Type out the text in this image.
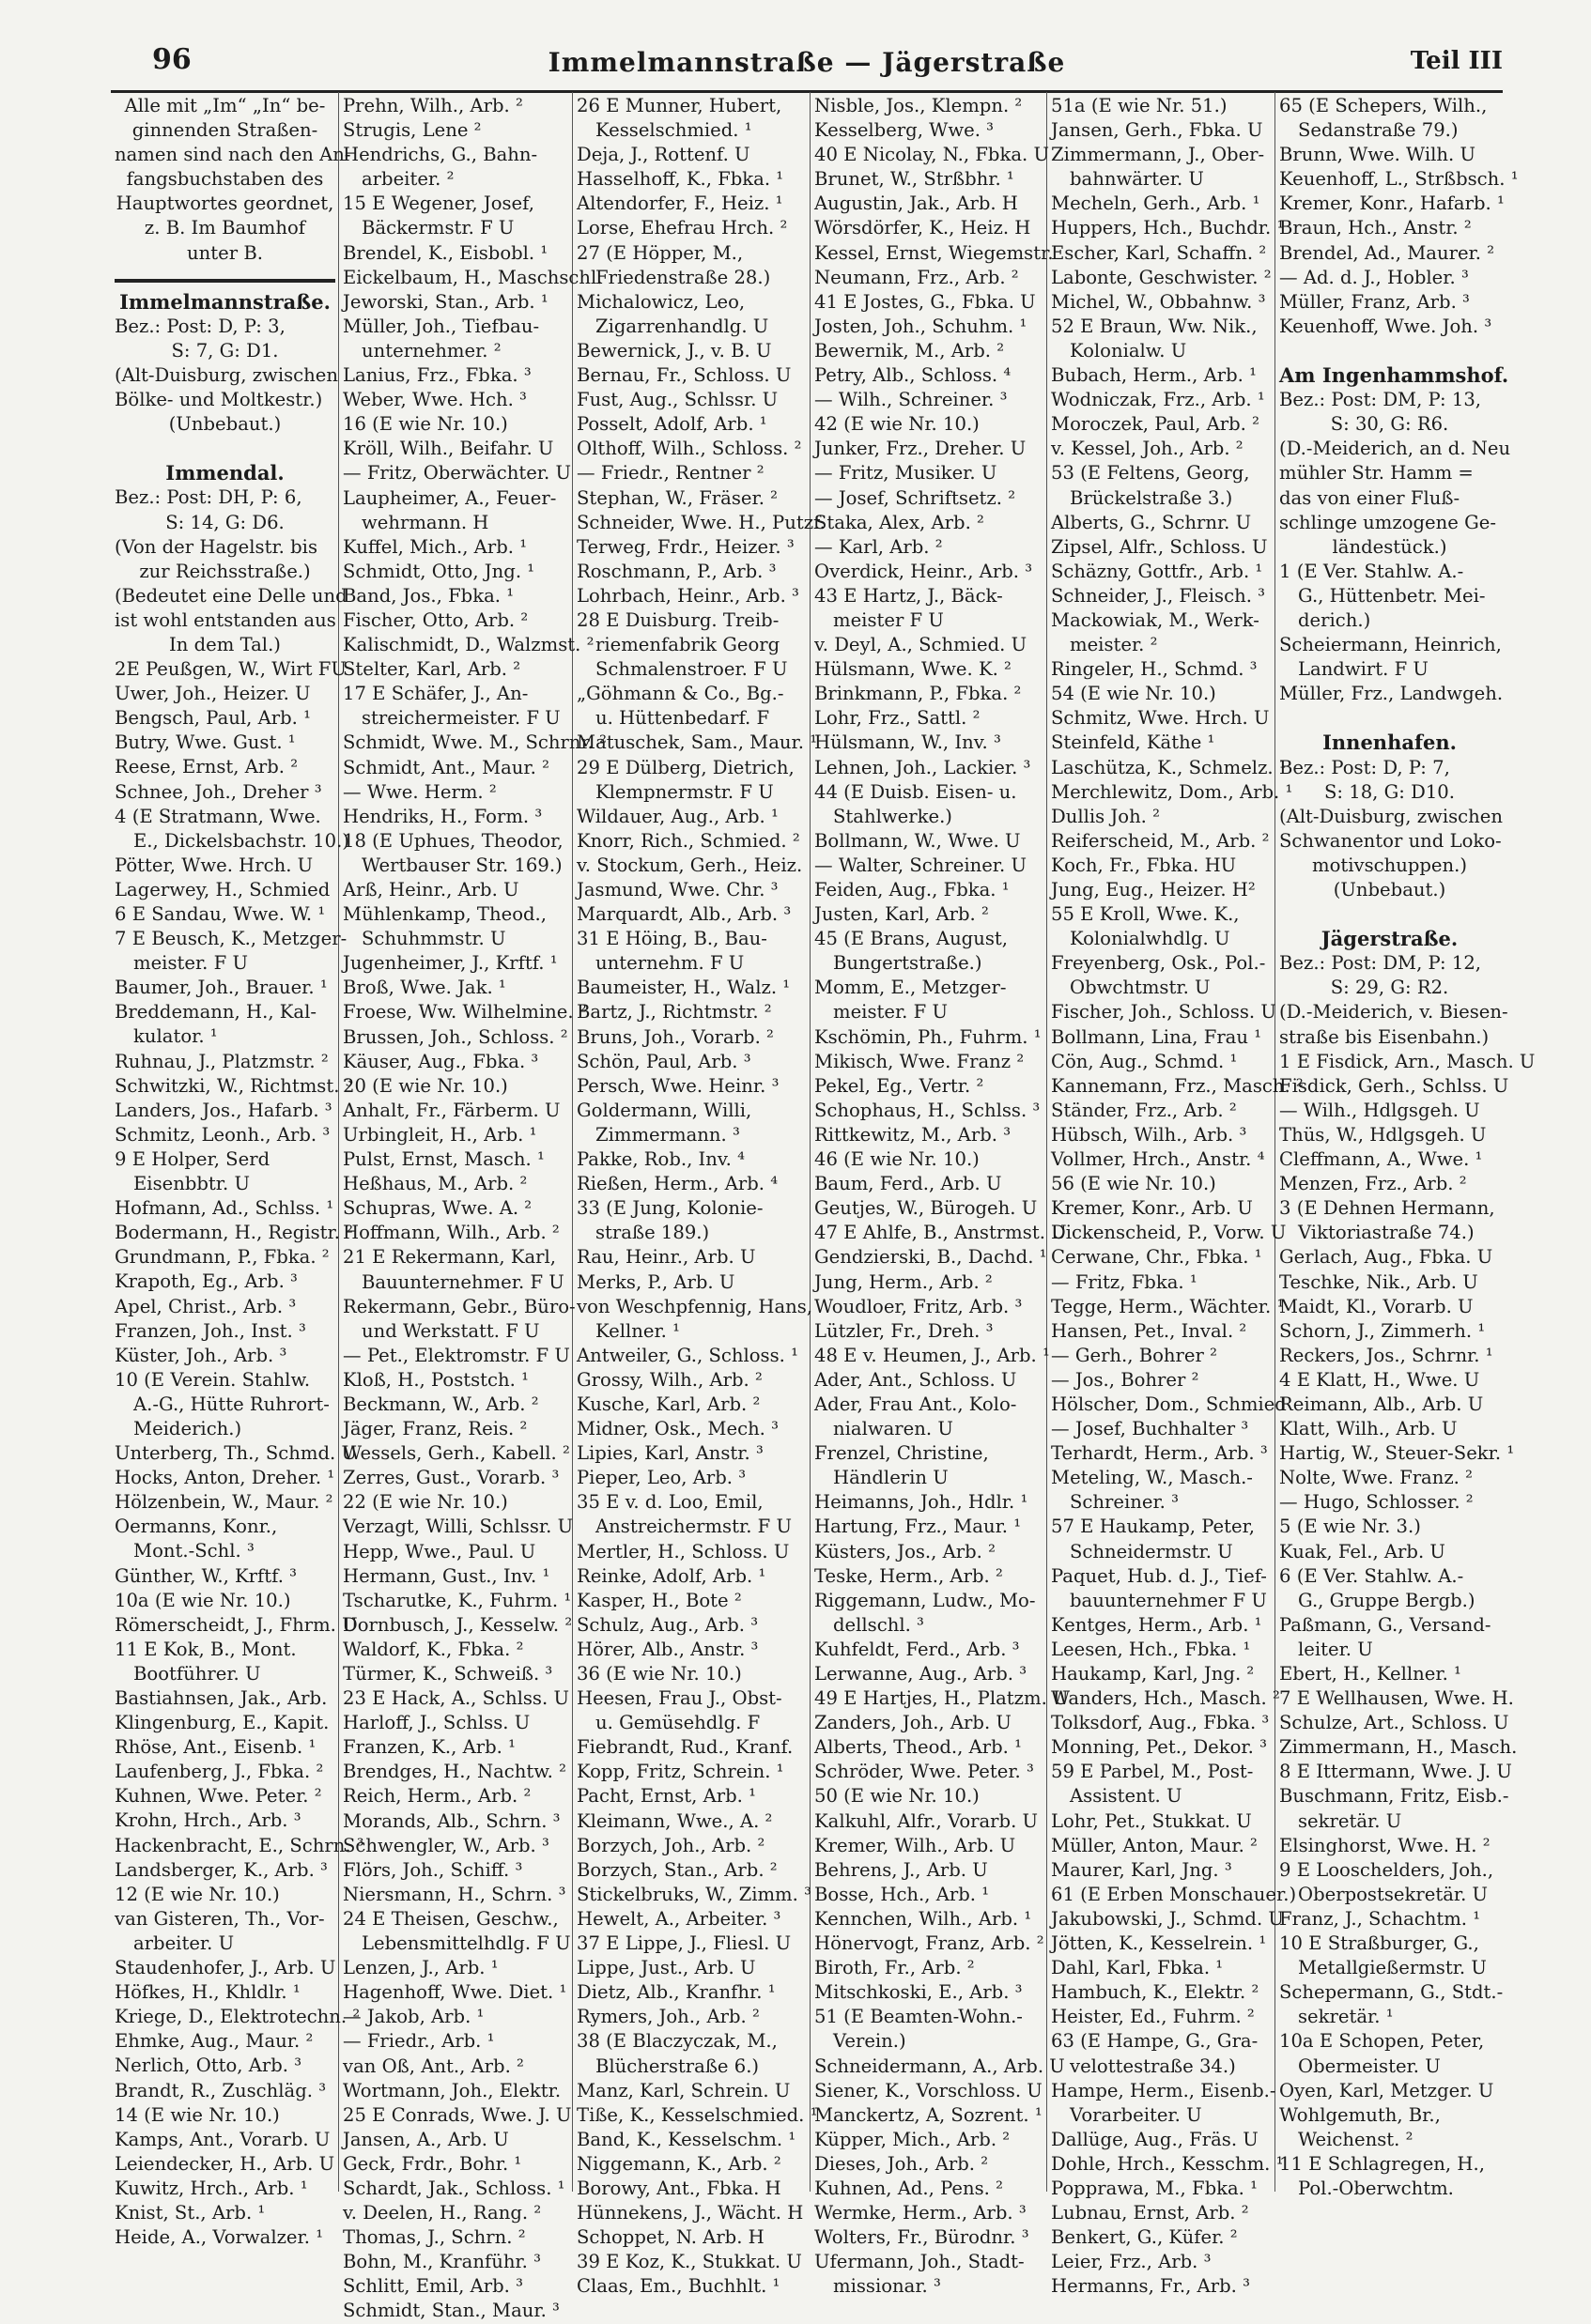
96	Immelmannstraße — Jägerstraße	Teil III
Alle mit „Im“ „In“ be-
ginnenden Straßen-
namen sind nach den An-
fangsbuchstaben des
Hauptwortes geordnet,
z. B. Im Baumhof
unter B.
Immelmannstraße.
Bez.: Post: D, P: 3,
S: 7, G: D1.
(Alt-Duisburg, zwischen
Bölke- und Moltkestr.)
(Unbebaut.)
Immendal.
Bez.: Post: DH, P: 6,
S: 14, G: D6.
(Von der Hagelstr. bis
zur Reichsstraße.)
(Bedeutet eine Delle und
ist wohl entstanden aus
In dem Tal.)
2E Peußgen, W., Wirt FU
Uwer, Joh., Heizer. U
Bengsch, Paul, Arb. ¹
Butry, Wwe. Gust. ¹
Reese, Ernst, Arb. ²
Schnee, Joh., Dreher ³
4 (E Stratmann, Wwe.
E., Dickelsbachstr. 10.)
Pötter, Wwe. Hrch. U
Lagerwey, H., Schmied
6 E Sandau, Wwe. W. ¹
7 E Beusch, K., Metzger-
meister. F U
Baumer, Joh., Brauer. ¹
Breddemann, H., Kal-
kulator. ¹
Ruhnau, J., Platzmstr. ²
Schwitzki, W., Richtmst. ³
Landers, Jos., Hafarb. ³
Schmitz, Leonh., Arb. ³
9 E Holper, Serd
Eisenbbtr. U
Hofmann, Ad., Schlss. ¹
Bodermann, H., Registr. ²
Grundmann, P., Fbka. ²
Krapoth, Eg., Arb. ³
Apel, Christ., Arb. ³
Franzen, Joh., Inst. ³
Küster, Joh., Arb. ³
10 (E Verein. Stahlw.
A.-G., Hütte Ruhrort-
Meiderich.)
Unterberg, Th., Schmd. U
Hocks, Anton, Dreher. ¹
Hölzenbein, W., Maur. ²
Oermanns, Konr.,
Mont.-Schl. ³
Günther, W., Krftf. ³
10a (E wie Nr. 10.)
Römerscheidt, J., Fhrm. U
11 E Kok, B., Mont.
Bootführer. U
Bastiahnsen, Jak., Arb.
Klingenburg, E., Kapit.
Rhöse, Ant., Eisenb. ¹
Laufenberg, J., Fbka. ²
Kuhnen, Wwe. Peter. ²
Krohn, Hrch., Arb. ³
Hackenbracht, E., Schrn. ³
Landsberger, K., Arb. ³
12 (E wie Nr. 10.)
van Gisteren, Th., Vor-
arbeiter. U
Staudenhofer, J., Arb. U
Höfkes, H., Khldlr. ¹
Kriege, D., Elektrotechn. ²
Ehmke, Aug., Maur. ²
Nerlich, Otto, Arb. ³
Brandt, R., Zuschläg. ³
14 (E wie Nr. 10.)
Kamps, Ant., Vorarb. U
Leiendecker, H., Arb. U
Kuwitz, Hrch., Arb. ¹
Knist, St., Arb. ¹
Heide, A., Vorwalzer. ¹
Prehn, Wilh., Arb. ²
Strugis, Lene ²
Hendrichs, G., Bahn-
arbeiter. ²
15 E Wegener, Josef,
Bäckermstr. F U
Brendel, K., Eisbobl. ¹
Eickelbaum, H., Maschschl.
Jeworski, Stan., Arb. ¹
Müller, Joh., Tiefbau-
unternehmer. ²
Lanius, Frz., Fbka. ³
Weber, Wwe. Hch. ³
16 (E wie Nr. 10.)
Kröll, Wilh., Beifahr. U
— Fritz, Oberwächter. U
Laupheimer, A., Feuer-
wehrmann. H
Kuffel, Mich., Arb. ¹
Schmidt, Otto, Jng. ¹
Band, Jos., Fbka. ¹
Fischer, Otto, Arb. ²
Kalischmidt, D., Walzmst. ²
Stelter, Karl, Arb. ²
17 E Schäfer, J., An-
streichermeister. F U
Schmidt, Wwe. M., Schrnr. ²
Schmidt, Ant., Maur. ²
— Wwe. Herm. ²
Hendriks, H., Form. ³
18 (E Uphues, Theodor,
Wertbauser Str. 169.)
Arß, Heinr., Arb. U
Mühlenkamp, Theod.,
Schuhmmstr. U
Jugenheimer, J., Krftf. ¹
Broß, Wwe. Jak. ¹
Froese, Ww. Wilhelmine. ²
Brussen, Joh., Schloss. ²
Käuser, Aug., Fbka. ³
20 (E wie Nr. 10.)
Anhalt, Fr., Färberm. U
Urbingleit, H., Arb. ¹
Pulst, Ernst, Masch. ¹
Heßhaus, M., Arb. ²
Schupras, Wwe. A. ²
Hoffmann, Wilh., Arb. ²
21 E Rekermann, Karl,
Bauunternehmer. F U
Rekermann, Gebr., Büro-
und Werkstatt. F U
— Pet., Elektromstr. F U
Kloß, H., Poststch. ¹
Beckmann, W., Arb. ²
Jäger, Franz, Reis. ²
Wessels, Gerh., Kabell. ²
Zerres, Gust., Vorarb. ³
22 (E wie Nr. 10.)
Verzagt, Willi, Schlssr. U
Hepp, Wwe., Paul. U
Hermann, Gust., Inv. ¹
Tscharutke, K., Fuhrm. ¹
Dornbusch, J., Kesselw. ²
Waldorf, K., Fbka. ²
Türmer, K., Schweiß. ³
23 E Hack, A., Schlss. U
Harloff, J., Schlss. U
Franzen, K., Arb. ¹
Brendges, H., Nachtw. ²
Reich, Herm., Arb. ²
Morands, Alb., Schrn. ³
Schwengler, W., Arb. ³
Flörs, Joh., Schiff. ³
Niersmann, H., Schrn. ³
24 E Theisen, Geschw.,
Lebensmittelhdlg. F U
Lenzen, J., Arb. ¹
Hagenhoff, Wwe. Diet. ¹
— Jakob, Arb. ¹
— Friedr., Arb. ¹
van Oß, Ant., Arb. ²
Wortmann, Joh., Elektr.
25 E Conrads, Wwe. J. U
Jansen, A., Arb. U
Geck, Frdr., Bohr. ¹
Schardt, Jak., Schloss. ¹
v. Deelen, H., Rang. ²
Thomas, J., Schrn. ²
Bohn, M., Kranführ. ³
Schlitt, Emil, Arb. ³
Schmidt, Stan., Maur. ³
26 E Munner, Hubert,
Kesselschmied. ¹
Deja, J., Rottenf. U
Hasselhoff, K., Fbka. ¹
Altendorfer, F., Heiz. ¹
Lorse, Ehefrau Hrch. ²
27 (E Höpper, M.,
Friedenstraße 28.)
Michalowicz, Leo,
Zigarrenhandlg. U
Bewernick, J., v. B. U
Bernau, Fr., Schloss. U
Fust, Aug., Schlssr. U
Posselt, Adolf, Arb. ¹
Olthoff, Wilh., Schloss. ²
— Friedr., Rentner ²
Stephan, W., Fräser. ²
Schneider, Wwe. H., Putzf.
Terweg, Frdr., Heizer. ³
Roschmann, P., Arb. ³
Lohrbach, Heinr., Arb. ³
28 E Duisburg. Treib-
riemenfabrik Georg
Schmalenstroer. F U
„Göhmann & Co., Bg.-
u. Hüttenbedarf. F
Matuschek, Sam., Maur. ¹
29 E Dülberg, Dietrich,
Klempnermstr. F U
Wildauer, Aug., Arb. ¹
Knorr, Rich., Schmied. ²
v. Stockum, Gerh., Heiz.
Jasmund, Wwe. Chr. ³
Marquardt, Alb., Arb. ³
31 E Höing, B., Bau-
unternehm. F U
Baumeister, H., Walz. ¹
Bartz, J., Richtmstr. ²
Bruns, Joh., Vorarb. ²
Schön, Paul, Arb. ³
Persch, Wwe. Heinr. ³
Goldermann, Willi,
Zimmermann. ³
Pakke, Rob., Inv. ⁴
Rießen, Herm., Arb. ⁴
33 (E Jung, Kolonie-
straße 189.)
Rau, Heinr., Arb. U
Merks, P., Arb. U
von Weschpfennig, Hans,
Kellner. ¹
Antweiler, G., Schloss. ¹
Grossy, Wilh., Arb. ²
Kusche, Karl, Arb. ²
Midner, Osk., Mech. ³
Lipies, Karl, Anstr. ³
Pieper, Leo, Arb. ³
35 E v. d. Loo, Emil,
Anstreichermstr. F U
Mertler, H., Schloss. U
Reinke, Adolf, Arb. ¹
Kasper, H., Bote ²
Schulz, Aug., Arb. ³
Hörer, Alb., Anstr. ³
36 (E wie Nr. 10.)
Heesen, Frau J., Obst-
u. Gemüsehdlg. F
Fiebrandt, Rud., Kranf.
Kopp, Fritz, Schrein. ¹
Pacht, Ernst, Arb. ¹
Kleimann, Wwe., A. ²
Borzych, Joh., Arb. ²
Borzych, Stan., Arb. ²
Stickelbruks, W., Zimm. ³
Hewelt, A., Arbeiter. ³
37 E Lippe, J., Fliesl. U
Lippe, Just., Arb. U
Dietz, Alb., Kranfhr. ¹
Rymers, Joh., Arb. ²
38 (E Blaczyczak, M.,
Blücherstraße 6.)
Manz, Karl, Schrein. U
Tiße, K., Kesselschmied. ¹
Band, K., Kesselschm. ¹
Niggemann, K., Arb. ²
Borowy, Ant., Fbka. H
Hünnekens, J., Wächt. H
Schoppet, N. Arb. H
39 E Koz, K., Stukkat. U
Claas, Em., Buchhlt. ¹
Nisble, Jos., Klempn. ²
Kesselberg, Wwe. ³
40 E Nicolay, N., Fbka. U
Brunet, W., Strßbhr. ¹
Augustin, Jak., Arb. H
Wörsdörfer, K., Heiz. H
Kessel, Ernst, Wiegemstr.
Neumann, Frz., Arb. ²
41 E Jostes, G., Fbka. U
Josten, Joh., Schuhm. ¹
Bewernik, M., Arb. ²
Petry, Alb., Schloss. ⁴
— Wilh., Schreiner. ³
42 (E wie Nr. 10.)
Junker, Frz., Dreher. U
— Fritz, Musiker. U
— Josef, Schriftsetz. ²
Staka, Alex, Arb. ²
— Karl, Arb. ²
Overdick, Heinr., Arb. ³
43 E Hartz, J., Bäck-
meister F U
v. Deyl, A., Schmied. U
Hülsmann, Wwe. K. ²
Brinkmann, P., Fbka. ²
Lohr, Frz., Sattl. ²
Hülsmann, W., Inv. ³
Lehnen, Joh., Lackier. ³
44 (E Duisb. Eisen- u.
Stahlwerke.)
Bollmann, W., Wwe. U
— Walter, Schreiner. U
Feiden, Aug., Fbka. ¹
Justen, Karl, Arb. ²
45 (E Brans, August,
Bungertstraße.)
Momm, E., Metzger-
meister. F U
Kschömin, Ph., Fuhrm. ¹
Mikisch, Wwe. Franz ²
Pekel, Eg., Vertr. ²
Schophaus, H., Schlss. ³
Rittkewitz, M., Arb. ³
46 (E wie Nr. 10.)
Baum, Ferd., Arb. U
Geutjes, W., Bürogeh. U
47 E Ahlfe, B., Anstrmst. U
Gendzierski, B., Dachd. ¹
Jung, Herm., Arb. ²
Woudloer, Fritz, Arb. ³
Lützler, Fr., Dreh. ³
48 E v. Heumen, J., Arb. ¹
Ader, Ant., Schloss. U
Ader, Frau Ant., Kolo-
nialwaren. U
Frenzel, Christine,
Händlerin U
Heimanns, Joh., Hdlr. ¹
Hartung, Frz., Maur. ¹
Küsters, Jos., Arb. ²
Teske, Herm., Arb. ²
Riggemann, Ludw., Mo-
dellschl. ³
Kuhfeldt, Ferd., Arb. ³
Lerwanne, Aug., Arb. ³
49 E Hartjes, H., Platzm. U
Zanders, Joh., Arb. U
Alberts, Theod., Arb. ¹
Schröder, Wwe. Peter. ³
50 (E wie Nr. 10.)
Kalkuhl, Alfr., Vorarb. U
Kremer, Wilh., Arb. U
Behrens, J., Arb. U
Bosse, Hch., Arb. ¹
Kennchen, Wilh., Arb. ¹
Hönervogt, Franz, Arb. ²
Biroth, Fr., Arb. ²
Mitschkoski, E., Arb. ³
51 (E Beamten-Wohn.-
Verein.)
Schneidermann, A., Arb. U
Siener, K., Vorschloss. U
Manckertz, A, Sozrent. ¹
Küpper, Mich., Arb. ²
Dieses, Joh., Arb. ²
Kuhnen, Ad., Pens. ²
Wermke, Herm., Arb. ³
Wolters, Fr., Bürodnr. ³
Ufermann, Joh., Stadt-
missionar. ³
51a (E wie Nr. 51.)
Jansen, Gerh., Fbka. U
Zimmermann, J., Ober-
bahnwärter. U
Mecheln, Gerh., Arb. ¹
Huppers, Hch., Buchdr. ¹
Escher, Karl, Schaffn. ²
Labonte, Geschwister. ²
Michel, W., Obbahnw. ³
52 E Braun, Ww. Nik.,
Kolonialw. U
Bubach, Herm., Arb. ¹
Wodniczak, Frz., Arb. ¹
Moroczek, Paul, Arb. ²
v. Kessel, Joh., Arb. ²
53 (E Feltens, Georg,
Brückelstraße 3.)
Alberts, G., Schrnr. U
Zipsel, Alfr., Schloss. U
Schäzny, Gottfr., Arb. ¹
Schneider, J., Fleisch. ³
Mackowiak, M., Werk-
meister. ²
Ringeler, H., Schmd. ³
54 (E wie Nr. 10.)
Schmitz, Wwe. Hrch. U
Steinfeld, Käthe ¹
Laschütza, K., Schmelz. ¹
Merchlewitz, Dom., Arb. ¹
Dullis Joh. ²
Reiferscheid, M., Arb. ²
Koch, Fr., Fbka. HU
Jung, Eug., Heizer. H²
55 E Kroll, Wwe. K.,
Kolonialwhdlg. U
Freyenberg, Osk., Pol.-
Obwchtmstr. U
Fischer, Joh., Schloss. U
Bollmann, Lina, Frau ¹
Cön, Aug., Schmd. ¹
Kannemann, Frz., Masch. ²
Ständer, Frz., Arb. ²
Hübsch, Wilh., Arb. ³
Vollmer, Hrch., Anstr. ⁴
56 (E wie Nr. 10.)
Kremer, Konr., Arb. U
Dickenscheid, P., Vorw. U
Cerwane, Chr., Fbka. ¹
— Fritz, Fbka. ¹
Tegge, Herm., Wächter. ¹
Hansen, Pet., Inval. ²
— Gerh., Bohrer ²
— Jos., Bohrer ²
Hölscher, Dom., Schmied
— Josef, Buchhalter ³
Terhardt, Herm., Arb. ³
Meteling, W., Masch.-
Schreiner. ³
57 E Haukamp, Peter,
Schneidermstr. U
Paquet, Hub. d. J., Tief-
bauunternehmer F U
Kentges, Herm., Arb. ¹
Leesen, Hch., Fbka. ¹
Haukamp, Karl, Jng. ²
Wanders, Hch., Masch. ²
Tolksdorf, Aug., Fbka. ³
Monning, Pet., Dekor. ³
59 E Parbel, M., Post-
Assistent. U
Lohr, Pet., Stukkat. U
Müller, Anton, Maur. ²
Maurer, Karl, Jng. ³
61 (E Erben Monschauer.)
Jakubowski, J., Schmd. U
Jötten, K., Kesselrein. ¹
Dahl, Karl, Fbka. ¹
Hambuch, K., Elektr. ²
Heister, Ed., Fuhrm. ²
63 (E Hampe, G., Gra-
velottestraße 34.)
Hampe, Herm., Eisenb.-
Vorarbeiter. U
Dallüge, Aug., Fräs. U
Dohle, Hrch., Kesschm. ¹
Popprawa, M., Fbka. ¹
Lubnau, Ernst, Arb. ²
Benkert, G., Küfer. ²
Leier, Frz., Arb. ³
Hermanns, Fr., Arb. ³
65 (E Schepers, Wilh.,
Sedanstraße 79.)
Brunn, Wwe. Wilh. U
Keuenhoff, L., Strßbsch. ¹
Kremer, Konr., Hafarb. ¹
Braun, Hch., Anstr. ²
Brendel, Ad., Maurer. ²
— Ad. d. J., Hobler. ³
Müller, Franz, Arb. ³
Keuenhoff, Wwe. Joh. ³
Am Ingenhammshof.
Bez.: Post: DM, P: 13,
S: 30, G: R6.
(D.-Meiderich, an d. Neu
mühler Str. Hamm =
das von einer Fluß-
schlinge umzogene Ge-
ländestück.)
1 (E Ver. Stahlw. A.-
G., Hüttenbetr. Mei-
derich.)
Scheiermann, Heinrich,
Landwirt. F U
Müller, Frz., Landwgeh.
Innenhafen.
Bez.: Post: D, P: 7,
S: 18, G: D10.
(Alt-Duisburg, zwischen
Schwanentor und Loko-
motivschuppen.)
(Unbebaut.)
Jägerstraße.
Bez.: Post: DM, P: 12,
S: 29, G: R2.
(D.-Meiderich, v. Biesen-
straße bis Eisenbahn.)
1 E Fisdick, Arn., Masch. U
Fisdick, Gerh., Schlss. U
— Wilh., Hdlgsgeh. U
Thüs, W., Hdlgsgeh. U
Cleffmann, A., Wwe. ¹
Menzen, Frz., Arb. ²
3 (E Dehnen Hermann,
Viktoriastraße 74.)
Gerlach, Aug., Fbka. U
Teschke, Nik., Arb. U
Maidt, Kl., Vorarb. U
Schorn, J., Zimmerh. ¹
Reckers, Jos., Schrnr. ¹
4 E Klatt, H., Wwe. U
Reimann, Alb., Arb. U
Klatt, Wilh., Arb. U
Hartig, W., Steuer-Sekr. ¹
Nolte, Wwe. Franz. ²
— Hugo, Schlosser. ²
5 (E wie Nr. 3.)
Kuak, Fel., Arb. U
6 (E Ver. Stahlw. A.-
G., Gruppe Bergb.)
Paßmann, G., Versand-
leiter. U
Ebert, H., Kellner. ¹
7 E Wellhausen, Wwe. H.
Schulze, Art., Schloss. U
Zimmermann, H., Masch.
8 E Ittermann, Wwe. J. U
Buschmann, Fritz, Eisb.-
sekretär. U
Elsinghorst, Wwe. H. ²
9 E Looschelders, Joh.,
Oberpostsekretär. U
Franz, J., Schachtm. ¹
10 E Straßburger, G.,
Metallgießermstr. U
Schepermann, G., Stdt.-
sekretär. ¹
10a E Schopen, Peter,
Obermeister. U
Oyen, Karl, Metzger. U
Wohlgemuth, Br.,
Weichenst. ²
11 E Schlagregen, H.,
Pol.-Oberwchtm.
